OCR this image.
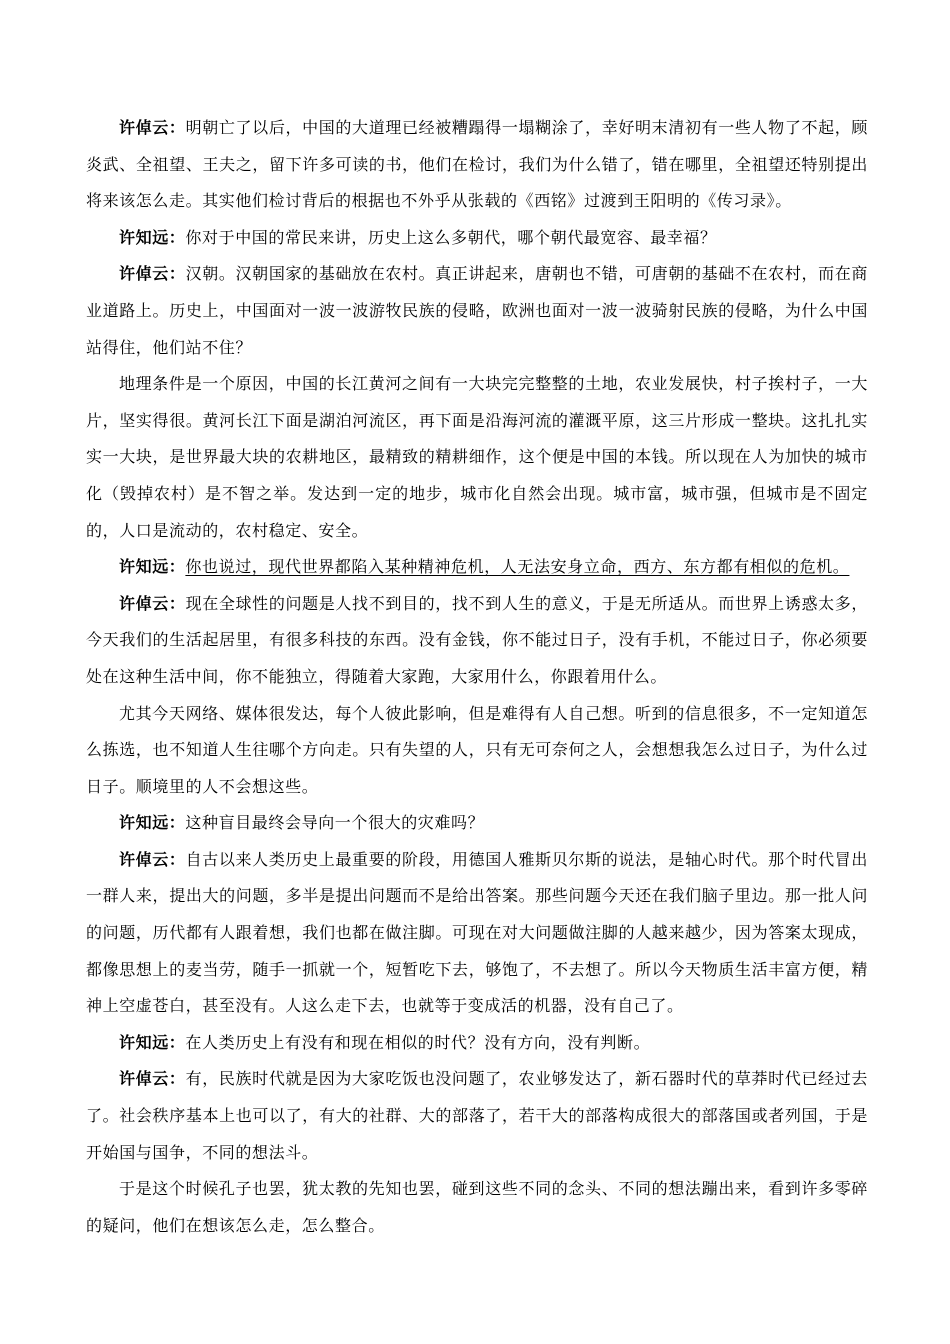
许倬云：明朝亡了以后，中国的大道理已经被糟蹋得一塌糊涂了，幸好明末清初有一些人物了不起，顾炎武、全祖望、王夫之，留下许多可读的书，他们在检讨，我们为什么错了，错在哪里，全祖望还特别提出将来该怎么走。其实他们检讨背后的根据也不外乎从张载的《西铭》过渡到王阳明的《传习录》。

许知远：你对于中国的常民来讲，历史上这么多朝代，哪个朝代最宽容、最幸福？

许倬云：汉朝。汉朝国家的基础放在农村。真正讲起来，唐朝也不错，可唐朝的基础不在农村，而在商业道路上。历史上，中国面对一波一波游牧民族的侵略，欧洲也面对一波一波骑射民族的侵略，为什么中国站得住，他们站不住？

地理条件是一个原因，中国的长江黄河之间有一大块完完整整的土地，农业发展快，村子挨村子，一大片，坚实得很。黄河长江下面是湖泊河流区，再下面是沿海河流的灌溉平原，这三片形成一整块。这扎扎实实一大块，是世界最大块的农耕地区，最精致的精耕细作，这个便是中国的本钱。所以现在人为加快的城市化（毁掉农村）是不智之举。发达到一定的地步，城市化自然会出现。城市富，城市强，但城市是不固定的，人口是流动的，农村稳定、安全。

许知远：你也说过，现代世界都陷入某种精神危机，人无法安身立命，西方、东方都有相似的危机。

许倬云：现在全球性的问题是人找不到目的，找不到人生的意义，于是无所适从。而世界上诱惑太多，今天我们的生活起居里，有很多科技的东西。没有金钱，你不能过日子，没有手机，不能过日子，你必须要处在这种生活中间，你不能独立，得随着大家跑，大家用什么，你跟着用什么。

尤其今天网络、媒体很发达，每个人彼此影响，但是难得有人自己想。听到的信息很多，不一定知道怎么拣选，也不知道人生往哪个方向走。只有失望的人，只有无可奈何之人，会想想我怎么过日子，为什么过日子。顺境里的人不会想这些。

许知远：这种盲目最终会导向一个很大的灾难吗？

许倬云：自古以来人类历史上最重要的阶段，用德国人雅斯贝尔斯的说法，是轴心时代。那个时代冒出一群人来，提出大的问题，多半是提出问题而不是给出答案。那些问题今天还在我们脑子里边。那一批人问的问题，历代都有人跟着想，我们也都在做注脚。可现在对大问题做注脚的人越来越少，因为答案太现成，都像思想上的麦当劳，随手一抓就一个，短暂吃下去，够饱了，不去想了。所以今天物质生活丰富方便，精神上空虚苍白，甚至没有。人这么走下去，也就等于变成活的机器，没有自己了。

许知远：在人类历史上有没有和现在相似的时代？没有方向，没有判断。

许倬云：有，民族时代就是因为大家吃饭也没问题了，农业够发达了，新石器时代的草莽时代已经过去了。社会秩序基本上也可以了，有大的社群、大的部落了，若干大的部落构成很大的部落国或者列国，于是开始国与国争，不同的想法斗。

于是这个时候孔子也罢，犹太教的先知也罢，碰到这些不同的念头、不同的想法蹦出来，看到许多零碎的疑问，他们在想该怎么走，怎么整合。
